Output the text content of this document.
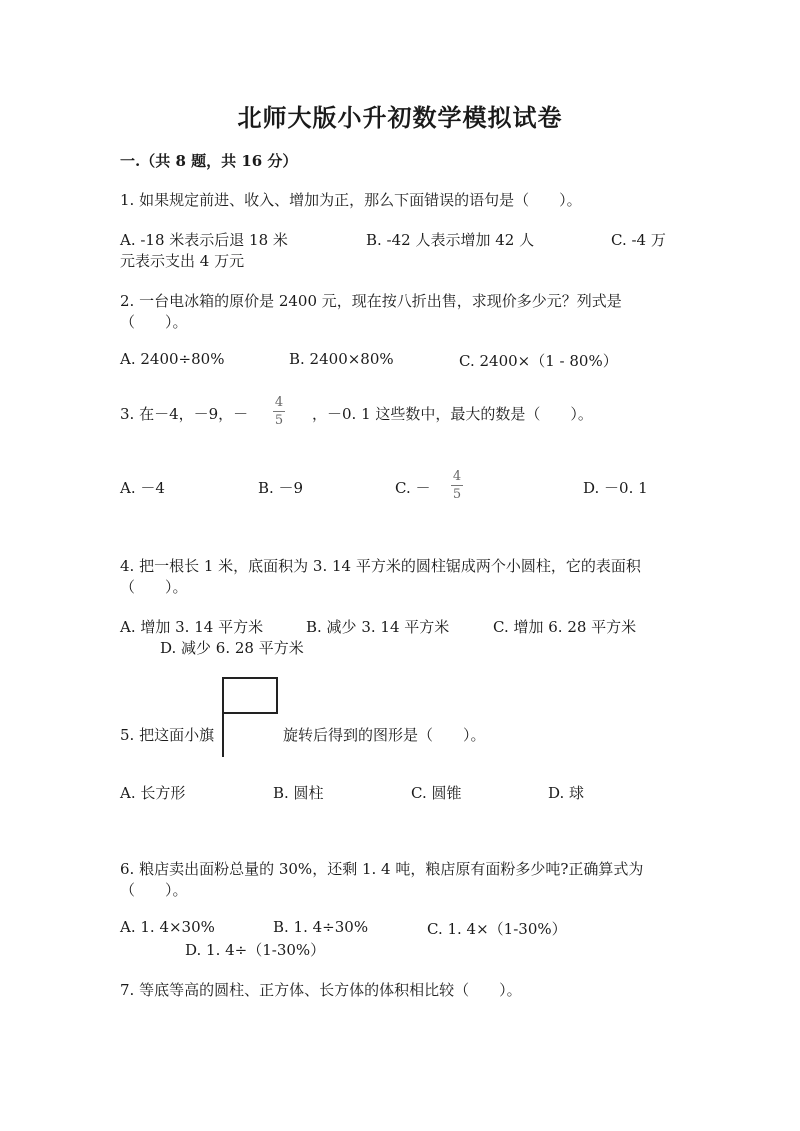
北师大版小升初数学模拟试卷
一.（共 8 题，共 16 分）
1. 如果规定前进、收入、增加为正，那么下面错误的语句是（　　）。
A. -18 米表示后退 18 米	B. -42 人表示增加 42 人	C. -4 万
元表示支出 4 万元
2. 一台电冰箱的原价是 2400 元，现在按八折出售，求现价多少元？列式是
（　　）。
A. 2400÷80%	B. 2400×80%	C. 2400×（1 - 80%）
3. 在－4，－9，－
4
5 ，－0. 1 这些数中，最大的数是（　　）。
A. －4	B. －9	C. －
4
5	D. －0. 1
4. 把一根长 1 米，底面积为 3. 14 平方米的圆柱锯成两个小圆柱，它的表面积
（　　）。
A. 增加 3. 14 平方米	B. 减少 3. 14 平方米	C. 增加 6. 28 平方米
D. 减少 6. 28 平方米
5. 把这面小旗	旋转后得到的图形是（　　）。
A. 长方形	B. 圆柱	C. 圆锥	D. 球
6. 粮店卖出面粉总量的 30%，还剩 1. 4 吨，粮店原有面粉多少吨?正确算式为
（　　）。
A. 1. 4×30%	B. 1. 4÷30%	C. 1. 4×（1-30%）
D. 1. 4÷（1-30%）
7. 等底等高的圆柱、正方体、长方体的体积相比较（　　）。
